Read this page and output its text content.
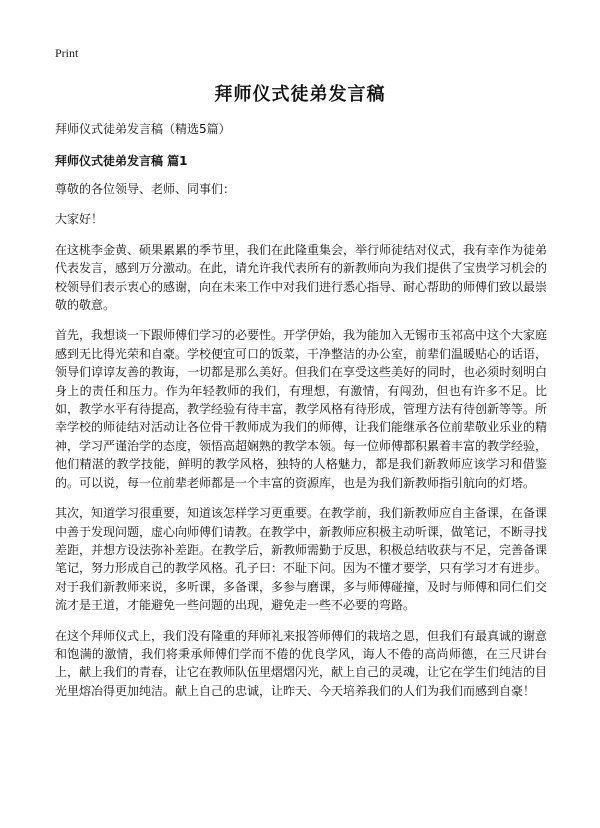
Print
拜师仪式徒弟发言稿

拜师仪式徒弟发言稿（精选5篇）

拜师仪式徒弟发言稿 篇1

尊敬的各位领导、老师、同事们：

大家好！

在这桃李金黄、硕果累累的季节里，我们在此隆重集会，举行师徒结对仪式，我有幸作为徒弟代表发言，感到万分激动。在此，请允许我代表所有的新教师向为我们提供了宝贵学习机会的校领导们表示衷心的感谢，向在未来工作中对我们进行悉心指导、耐心帮助的师傅们致以最崇敬的敬意。

首先，我想谈一下跟师傅们学习的必要性。开学伊始，我为能加入无锡市玉祁高中这个大家庭感到无比得光荣和自豪。学校便宜可口的饭菜，干净整洁的办公室，前辈们温暖贴心的话语，领导们谆谆友善的教诲，一切都是那么美好。但我们在享受这些美好的同时，也必须时刻明白身上的责任和压力。作为年轻教师的我们，有理想，有激情，有闯劲，但也有许多不足。比如，教学水平有待提高，教学经验有待丰富，教学风格有待形成，管理方法有待创新等等。所幸学校的师徒结对活动让各位骨干教师成为我们的师傅，让我们能继承各位前辈敬业乐业的精神，学习严谨治学的态度，领悟高超娴熟的教学本领。每一位师傅都积累着丰富的教学经验，他们精湛的教学技能，鲜明的教学风格，独特的人格魅力，都是我们新教师应该学习和借鉴的。可以说，每一位前辈老师都是一个丰富的资源库，也是为我们新教师指引航向的灯塔。

其次，知道学习很重要，知道该怎样学习更重要。在教学前，我们新教师应自主备课，在备课中善于发现问题，虚心向师傅们请教。在教学中，新教师应积极主动听课，做笔记，不断寻找差距，并想方设法弥补差距。在教学后，新教师需勤于反思，积极总结收获与不足，完善备课笔记，努力形成自己的教学风格。孔子曰：不耻下问。因为不懂才要学，只有学习才有进步。对于我们新教师来说，多听课，多备课，多参与磨课，多与师傅碰撞，及时与师傅和同仁们交流才是王道，才能避免一些问题的出现，避免走一些不必要的弯路。

在这个拜师仪式上，我们没有隆重的拜师礼来报答师傅们的栽培之恩，但我们有最真诚的谢意和饱满的激情，我们将秉承师傅们学而不倦的优良学风，诲人不倦的高尚师德，在三尺讲台上，献上我们的青春，让它在教师队伍里熠熠闪光，献上自己的灵魂，让它在学生们纯洁的目光里熔冶得更加纯洁。献上自己的忠诚，让昨天、今天培养我们的人们为我们而感到自豪！
